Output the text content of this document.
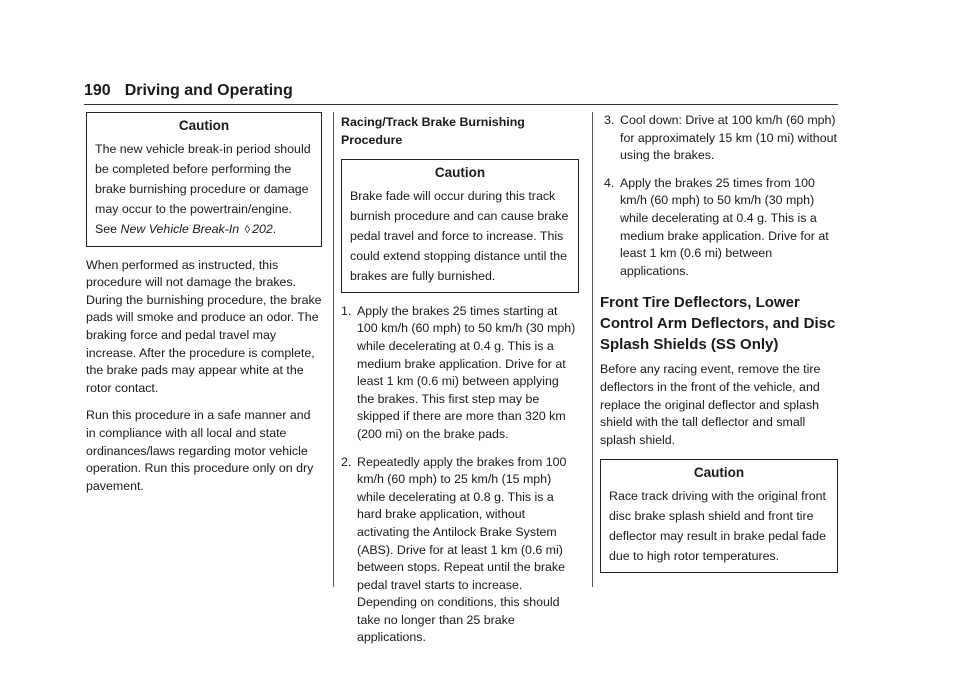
190 Driving and Operating
Caution
The new vehicle break-in period should be completed before performing the brake burnishing procedure or damage may occur to the powertrain/engine. See New Vehicle Break-In ◊ 202.

When performed as instructed, this procedure will not damage the brakes. During the burnishing procedure, the brake pads will smoke and produce an odor. The braking force and pedal travel may increase. After the procedure is complete, the brake pads may appear white at the rotor contact.

Run this procedure in a safe manner and in compliance with all local and state ordinances/laws regarding motor vehicle operation. Run this procedure only on dry pavement.

Racing/Track Brake Burnishing Procedure
Caution
Brake fade will occur during this track burnish procedure and can cause brake pedal travel and force to increase. This could extend stopping distance until the brakes are fully burnished.
1. Apply the brakes 25 times starting at 100 km/h (60 mph) to 50 km/h (30 mph) while decelerating at 0.4 g. This is a medium brake application. Drive for at least 1 km (0.6 mi) between applying the brakes. This first step may be skipped if there are more than 320 km (200 mi) on the brake pads.
2. Repeatedly apply the brakes from 100 km/h (60 mph) to 25 km/h (15 mph) while decelerating at 0.8 g. This is a hard brake application, without activating the Antilock Brake System (ABS). Drive for at least 1 km (0.6 mi) between stops. Repeat until the brake pedal travel starts to increase. Depending on conditions, this should take no longer than 25 brake applications.
3. Cool down: Drive at 100 km/h (60 mph) for approximately 15 km (10 mi) without using the brakes.
4. Apply the brakes 25 times from 100 km/h (60 mph) to 50 km/h (30 mph) while decelerating at 0.4 g. This is a medium brake application. Drive for at least 1 km (0.6 mi) between applications.
Front Tire Deflectors, Lower Control Arm Deflectors, and Disc Splash Shields (SS Only)

Before any racing event, remove the tire deflectors in the front of the vehicle, and replace the original deflector and splash shield with the tall deflector and small splash shield.

Caution
Race track driving with the original front disc brake splash shield and front tire deflector may result in brake pedal fade due to high rotor temperatures.
